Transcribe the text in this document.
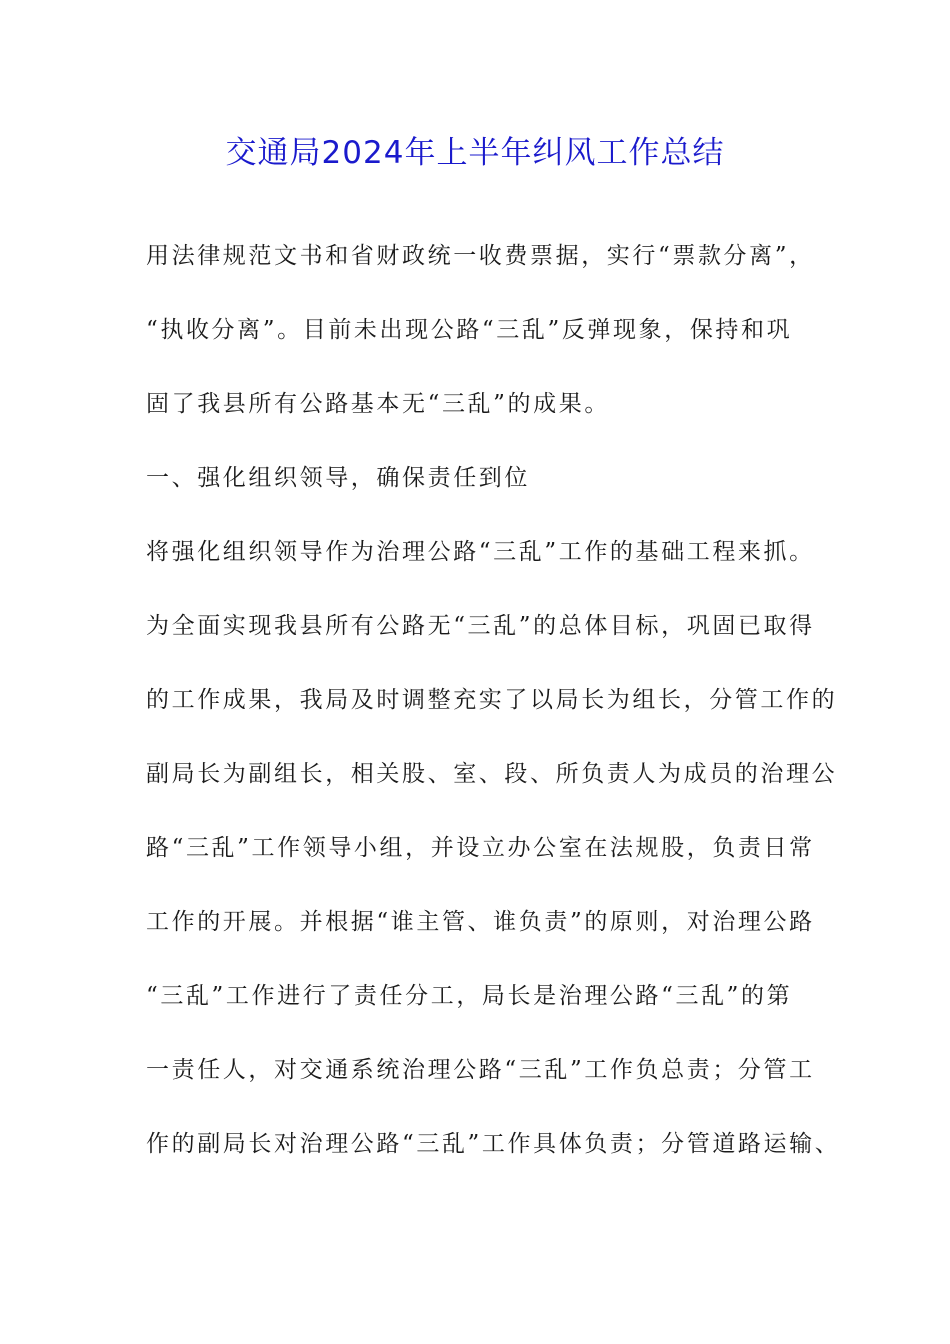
交通局2024年上半年纠风工作总结
用法律规范文书和省财政统一收费票据，实行“票款分离”，
“执收分离”。目前未出现公路“三乱”反弹现象，保持和巩
固了我县所有公路基本无“三乱”的成果。
一、强化组织领导，确保责任到位
将强化组织领导作为治理公路“三乱”工作的基础工程来抓。
为全面实现我县所有公路无“三乱”的总体目标，巩固已取得
的工作成果，我局及时调整充实了以局长为组长，分管工作的
副局长为副组长，相关股、室、段、所负责人为成员的治理公
路“三乱”工作领导小组，并设立办公室在法规股，负责日常
工作的开展。并根据“谁主管、谁负责”的原则，对治理公路
“三乱”工作进行了责任分工，局长是治理公路“三乱”的第
一责任人，对交通系统治理公路“三乱”工作负总责；分管工
作的副局长对治理公路“三乱”工作具体负责；分管道路运输、
